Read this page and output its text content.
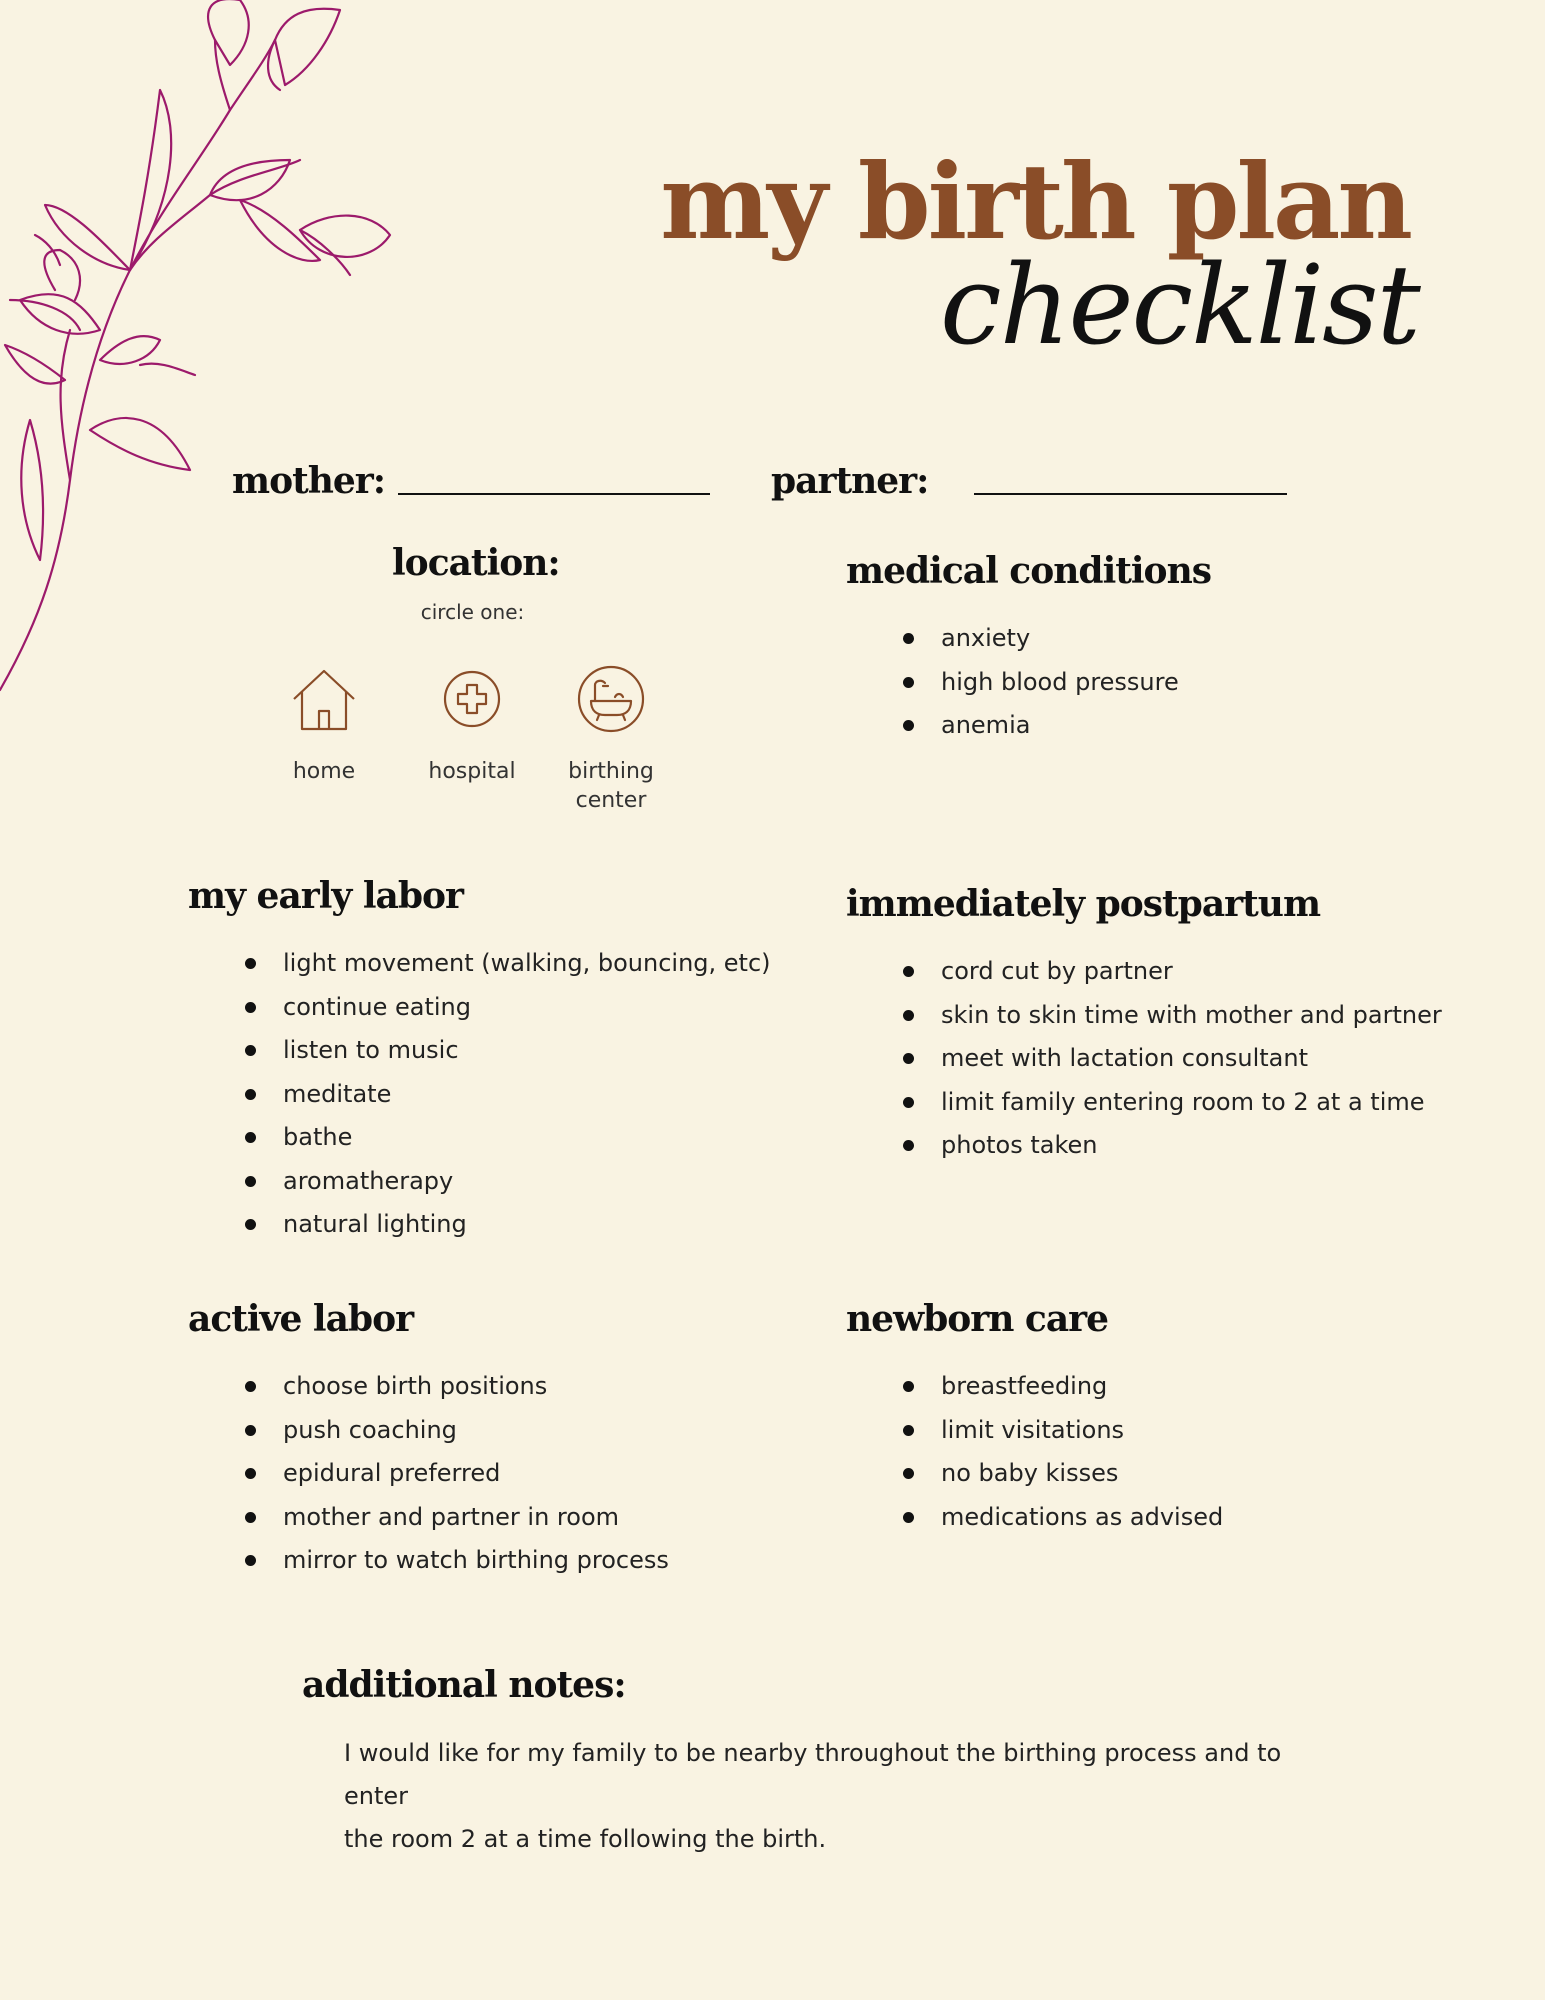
my birth plan
checklist
mother:	partner:
location:
circle one:
home	hospital	birthing center
medical conditions
anxiety
high blood pressure
anemia
my early labor
light movement (walking, bouncing, etc)
continue eating
listen to music
meditate
bathe
aromatherapy
natural lighting
immediately postpartum
cord cut by partner
skin to skin time with mother and partner
meet with lactation consultant
limit family entering room to 2 at a time
photos taken
active labor
choose birth positions
push coaching
epidural preferred
mother and partner in room
mirror to watch birthing process
newborn care
breastfeeding
limit visitations
no baby kisses
medications as advised
additional notes:
I would like for my family to be nearby throughout the birthing process and to enter
the room 2 at a time following the birth.
